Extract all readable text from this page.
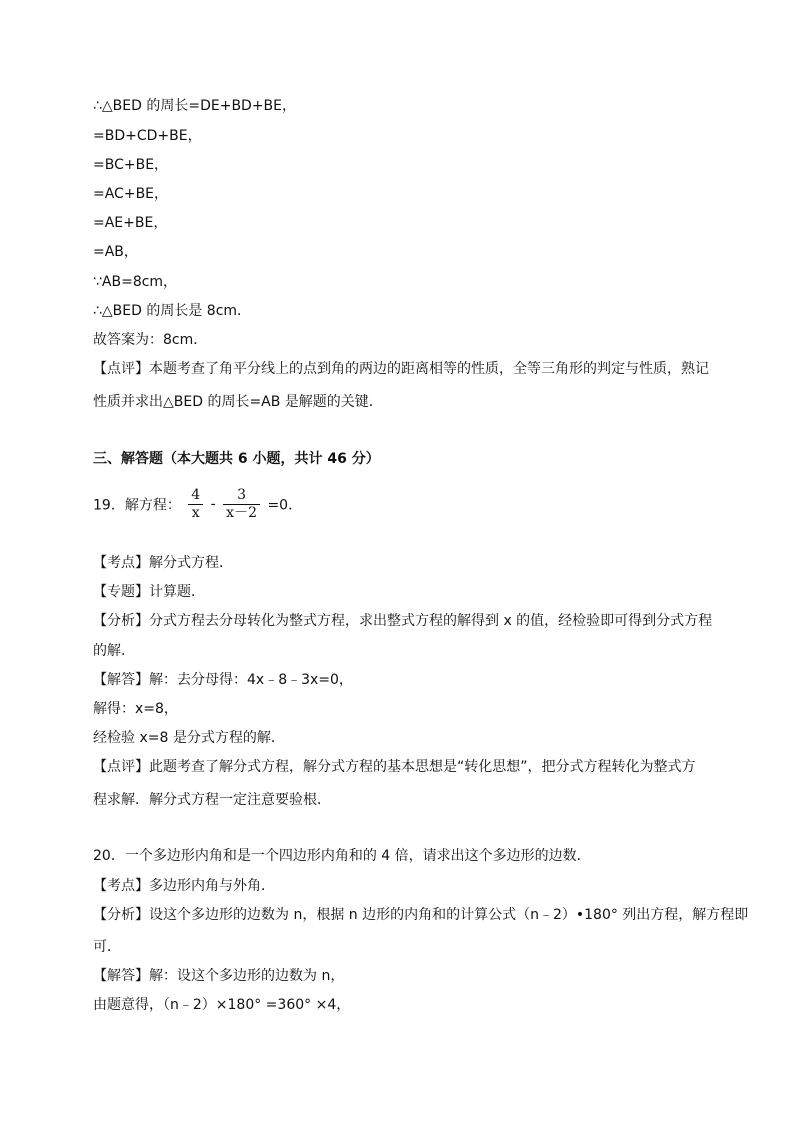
∴△BED 的周长=DE+BD+BE，
=BD+CD+BE，
=BC+BE，
=AC+BE，
=AE+BE，
=AB，
∵AB=8cm，
∴△BED 的周长是 8cm．
故答案为：8cm．
【点评】本题考查了角平分线上的点到角的两边的距离相等的性质，全等三角形的判定与性质，熟记
性质并求出△BED 的周长=AB 是解题的关键．
三、解答题（本大题共 6 小题，共计 46 分）
19．解方程： $\frac{4}{x} - \frac{3}{x-2} =0$．
【考点】解分式方程．
【专题】计算题．
【分析】分式方程去分母转化为整式方程，求出整式方程的解得到 x 的值，经检验即可得到分式方程
的解．
【解答】解：去分母得：4x﹣8﹣3x=0，
解得：x=8，
经检验 x=8 是分式方程的解．
【点评】此题考查了解分式方程，解分式方程的基本思想是“转化思想”，把分式方程转化为整式方
程求解．解分式方程一定注意要验根．
20．一个多边形内角和是一个四边形内角和的 4 倍，请求出这个多边形的边数．
【考点】多边形内角与外角．
【分析】设这个多边形的边数为 n，根据 n 边形的内角和的计算公式（n﹣2）•180° 列出方程，解方程即
可．
【解答】解：设这个多边形的边数为 n，
由题意得，（n﹣2）×180° =360° ×4，
